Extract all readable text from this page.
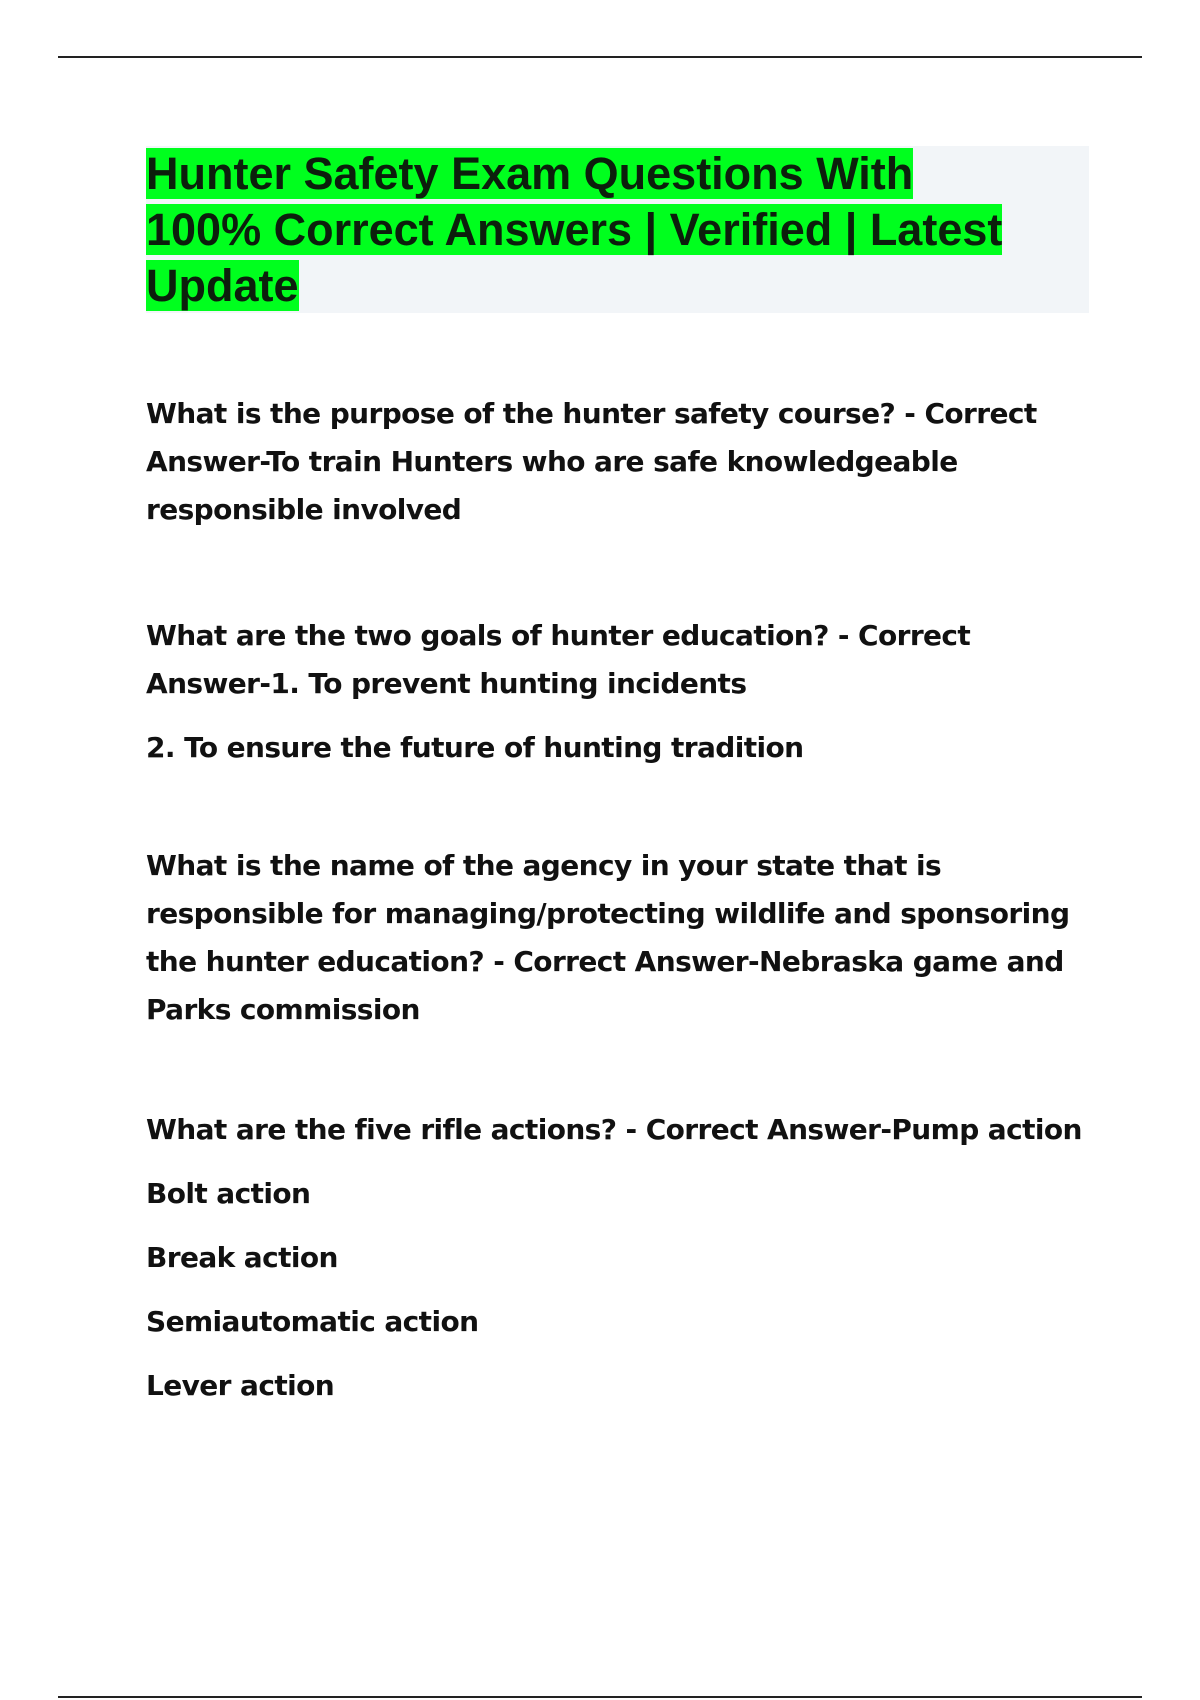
Hunter Safety Exam Questions With
100% Correct Answers | Verified | Latest
Update

What is the purpose of the hunter safety course? - Correct Answer-To train Hunters who are safe knowledgeable responsible involved

What are the two goals of hunter education? - Correct Answer-1. To prevent hunting incidents

2. To ensure the future of hunting tradition

What is the name of the agency in your state that is responsible for managing/protecting wildlife and sponsoring the hunter education? - Correct Answer-Nebraska game and Parks commission

What are the five rifle actions? - Correct Answer-Pump action

Bolt action

Break action

Semiautomatic action

Lever action
